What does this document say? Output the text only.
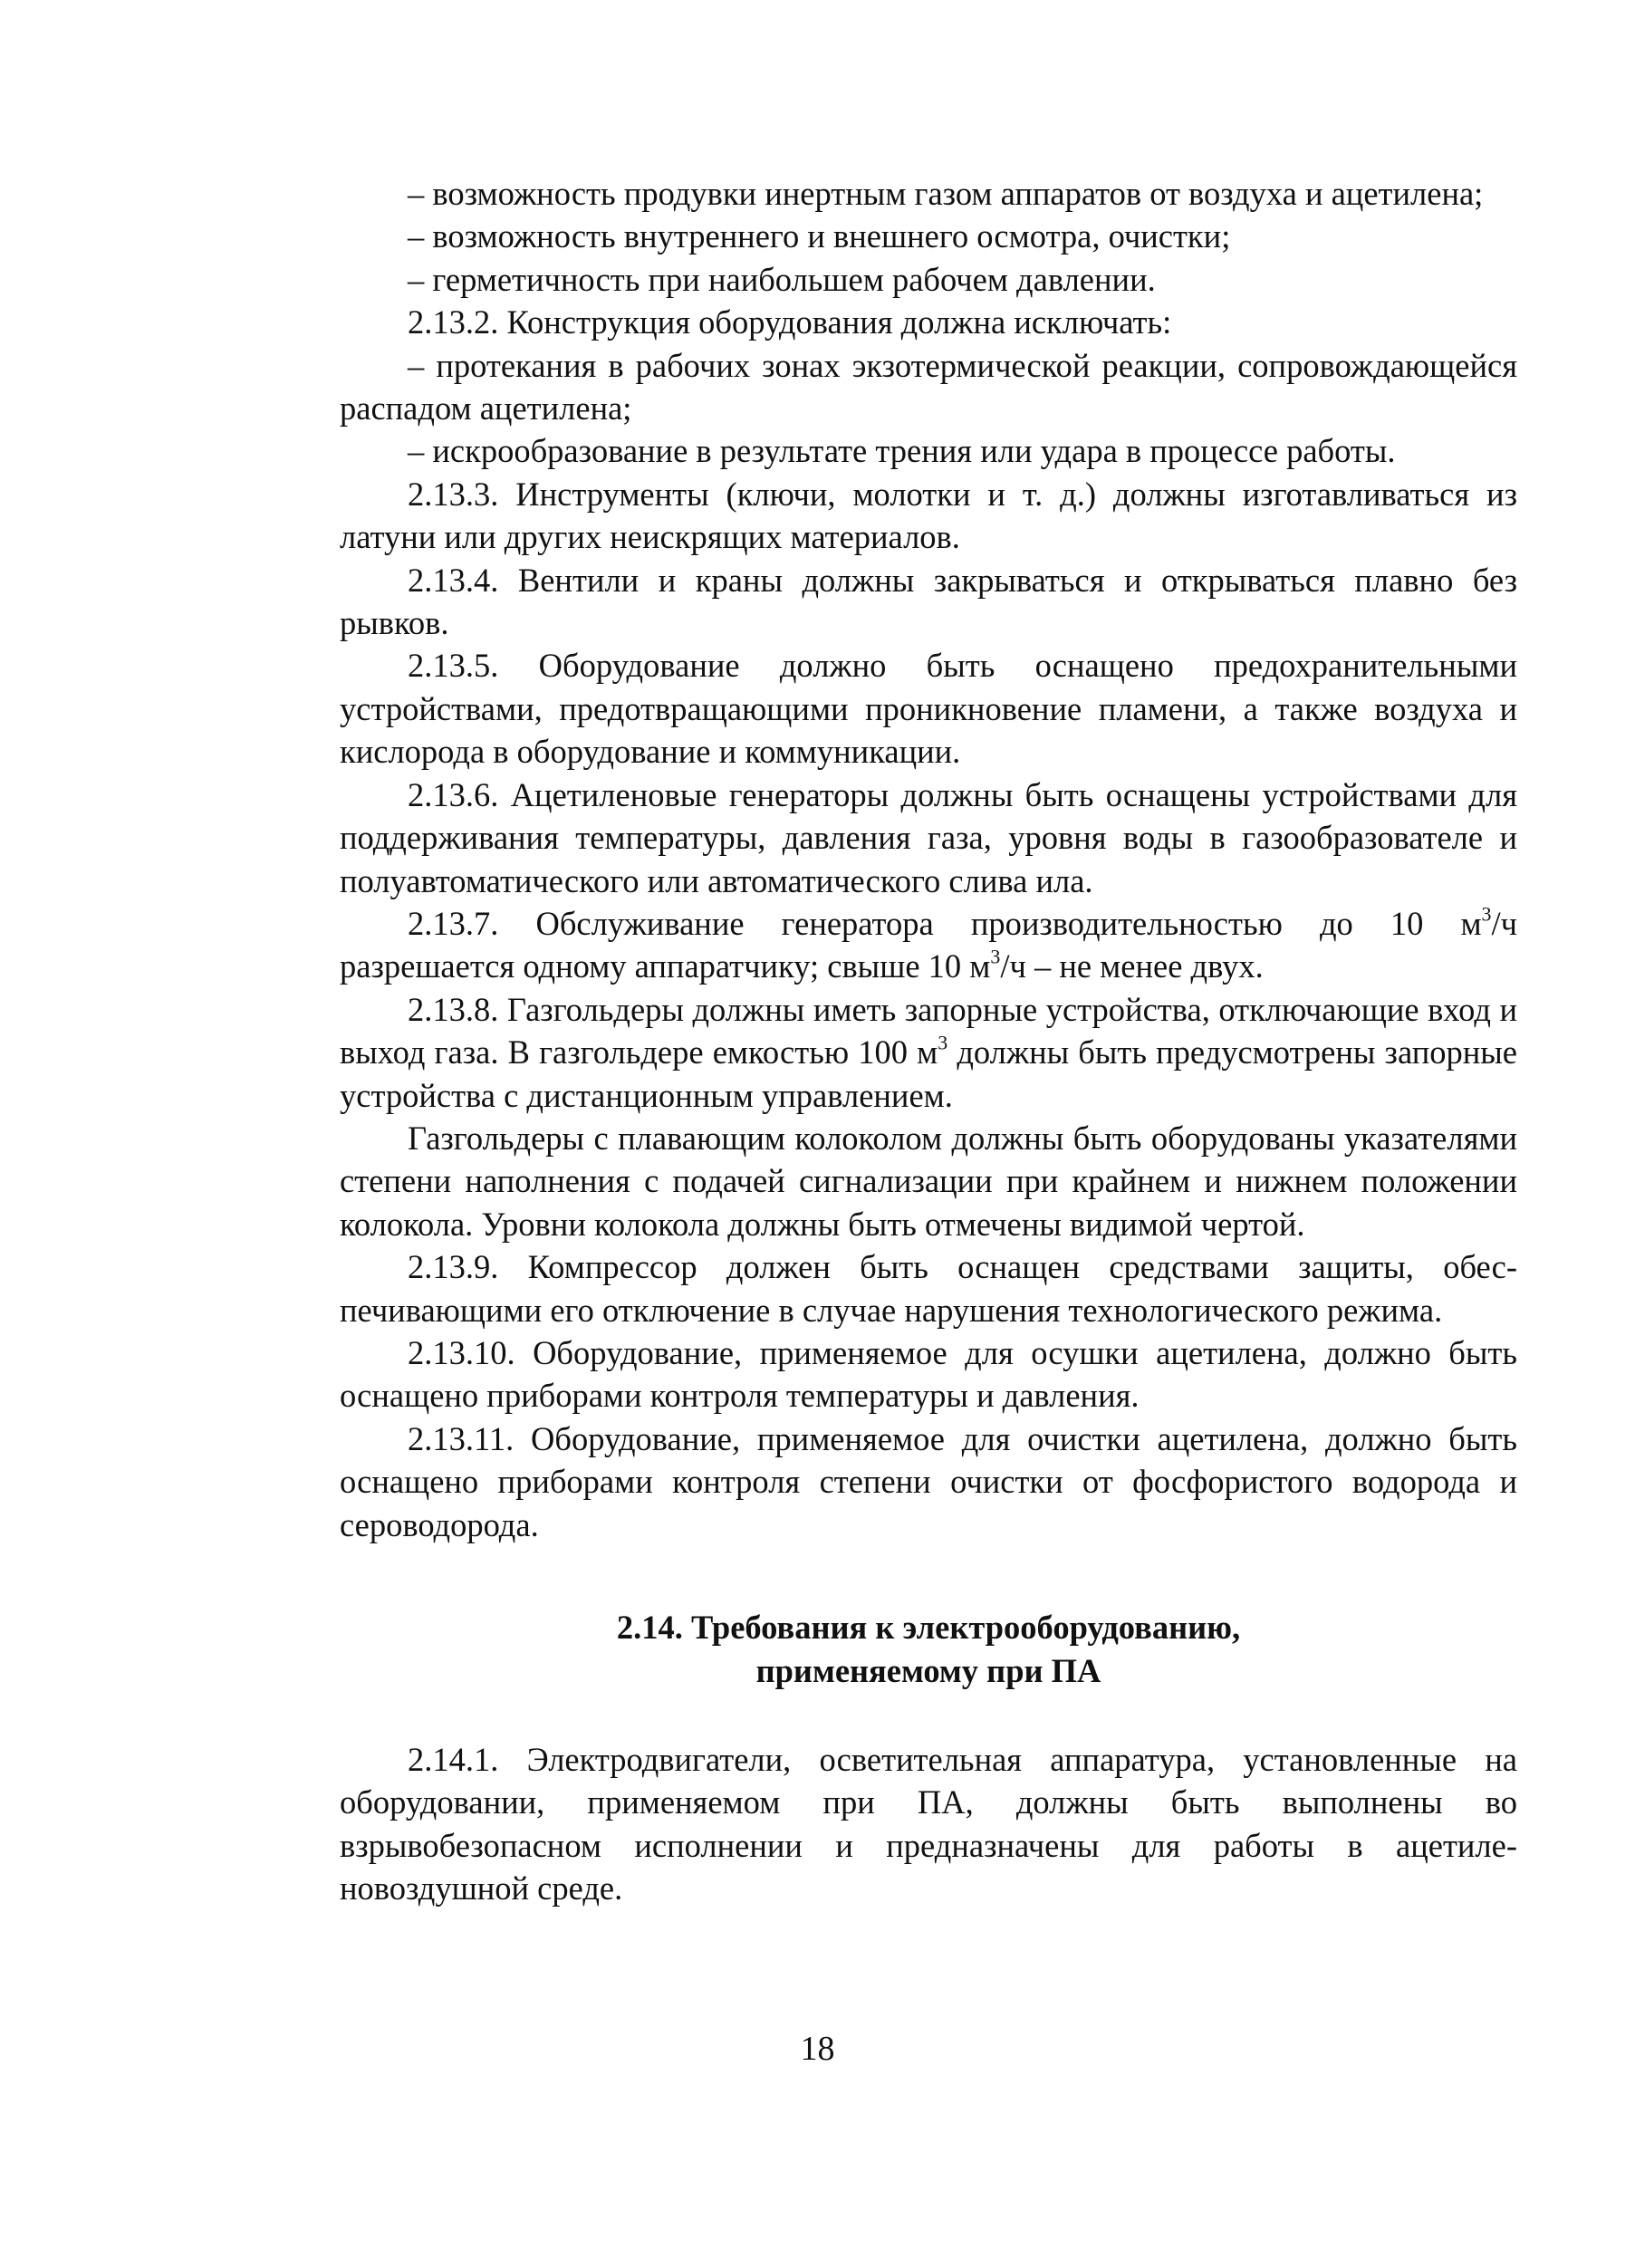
– возможность продувки инертным газом аппаратов от воздуха и ацетилена;

– возможность внутреннего и внешнего осмотра, очистки;

– герметичность при наибольшем рабочем давлении.

2.13.2. Конструкция оборудования должна исключать:

– протекания в рабочих зонах экзотермической реакции, сопровождающейся распадом ацетилена;

– искрообразование в результате трения или удара в процессе работы.

2.13.3. Инструменты (ключи, молотки и т. д.) должны изготавливаться из латуни или других неискрящих материалов.

2.13.4. Вентили и краны должны закрываться и открываться плавно без рывков.

2.13.5. Оборудование должно быть оснащено предохранительными устройствами, предотвращающими проникновение пламени, а также воздуха и кислорода в оборудование и коммуникации.

2.13.6. Ацетиленовые генераторы должны быть оснащены устройствами для поддерживания температуры, давления газа, уровня воды в газообразователе и полуавтоматического или автоматического слива ила.

2.13.7. Обслуживание генератора производительностью до 10 $м^3/ч$ разрешается одному аппаратчику; свыше 10 $м^3/ч$ – не менее двух.

2.13.8. Газгольдеры должны иметь запорные устройства, отключающие вход и выход газа. В газгольдере емкостью 100 $м^3$ должны быть предусмотрены запорные устройства с дистанционным управлением.

Газгольдеры с плавающим колоколом должны быть оборудованы указателями степени наполнения с подачей сигнализации при крайнем и нижнем положении колокола. Уровни колокола должны быть отмечены видимой чертой.

2.13.9. Компрессор должен быть оснащен средствами защиты, обеспечивающими его отключение в случае нарушения технологического режима.

2.13.10. Оборудование, применяемое для осушки ацетилена, должно быть оснащено приборами контроля температуры и давления.

2.13.11. Оборудование, применяемое для очистки ацетилена, должно быть оснащено приборами контроля степени очистки от фосфористого водорода и сероводорода.

2.14. Требования к электрооборудованию,
применяемому при ПА

2.14.1. Электродвигатели, осветительная аппаратура, установленные на оборудовании, применяемом при ПА, должны быть выполнены во взрывобезопасном исполнении и предназначены для работы в ацетиленовоздушной среде.

18
